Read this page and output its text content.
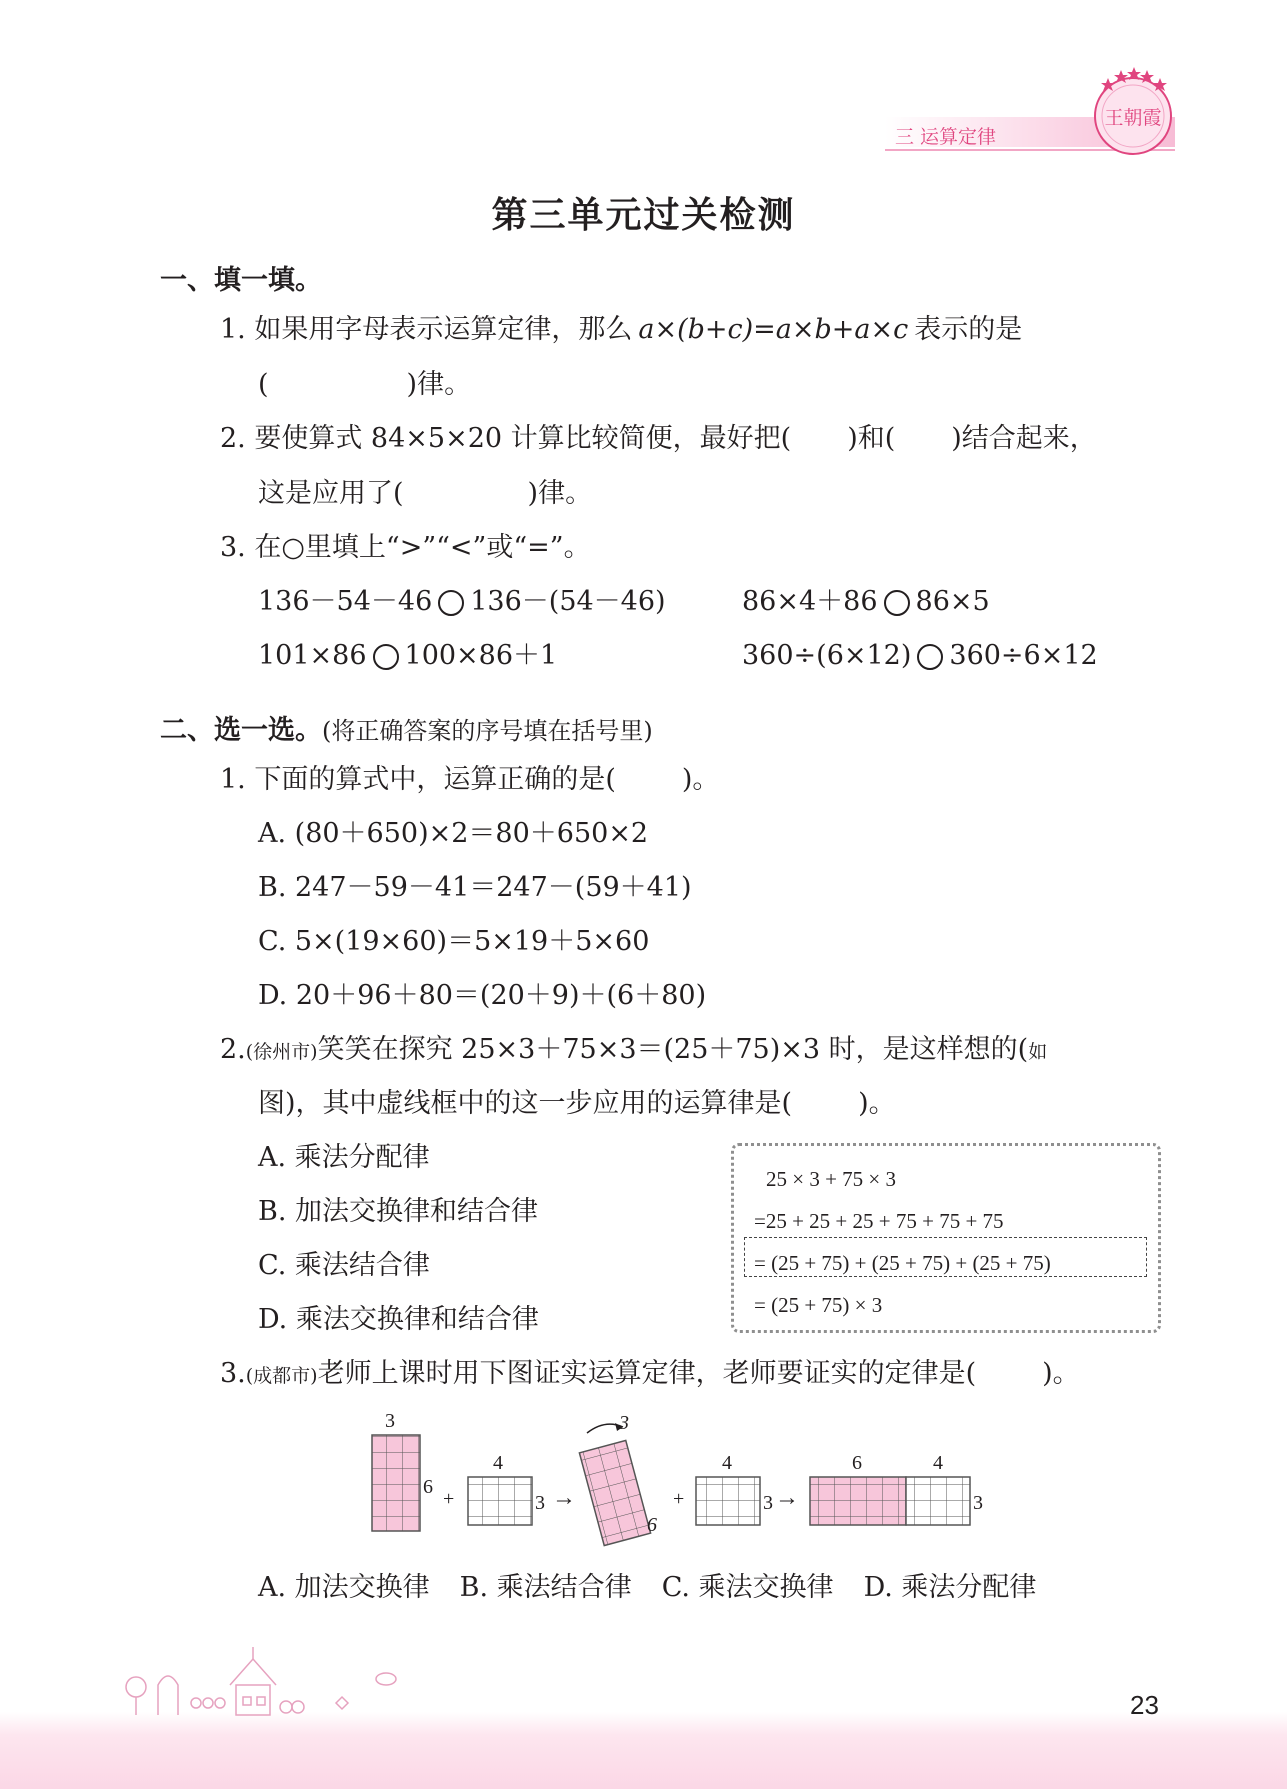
三 运算定律
王朝霞
第三单元过关检测
一、填一填。
1. 如果用字母表示运算定律，那么 a×(b+c)=a×b+a×c 表示的是
(	)律。
2. 要使算式 84×5×20 计算比较简便，最好把( )和( )结合起来，
这是应用了(	)律。
3. 在○里填上“>”“<”或“=”。
136－54－46 136－(54－46)	86×4＋86 86×5
101×86 100×86＋1	360÷(6×12) 360÷6×12
二、选一选。(将正确答案的序号填在括号里)
1. 下面的算式中，运算正确的是( )。
A. (80＋650)×2＝80＋650×2
B. 247－59－41＝247－(59＋41)
C. 5×(19×60)＝5×19＋5×60
D. 20＋96＋80＝(20＋9)＋(6＋80)
2.(徐州市)笑笑在探究 25×3＋75×3＝(25＋75)×3 时，是这样想的(如
图)，其中虚线框中的这一步应用的运算律是( )。
A. 乘法分配律
B. 加法交换律和结合律
C. 乘法结合律
D. 乘法交换律和结合律
25 × 3 + 75 × 3
=25 + 25 + 25 + 75 + 75 + 75
= (25 + 75) + (25 + 75) + (25 + 75)
= (25 + 75) × 3
3.(成都市)老师上课时用下图证实运算定律，老师要证实的定律是( )。
3
6
+
4
3 →
3
6
+
4
3 →
6	4
3
A. 加法交换律 B. 乘法结合律 C. 乘法交换律 D. 乘法分配律
23
